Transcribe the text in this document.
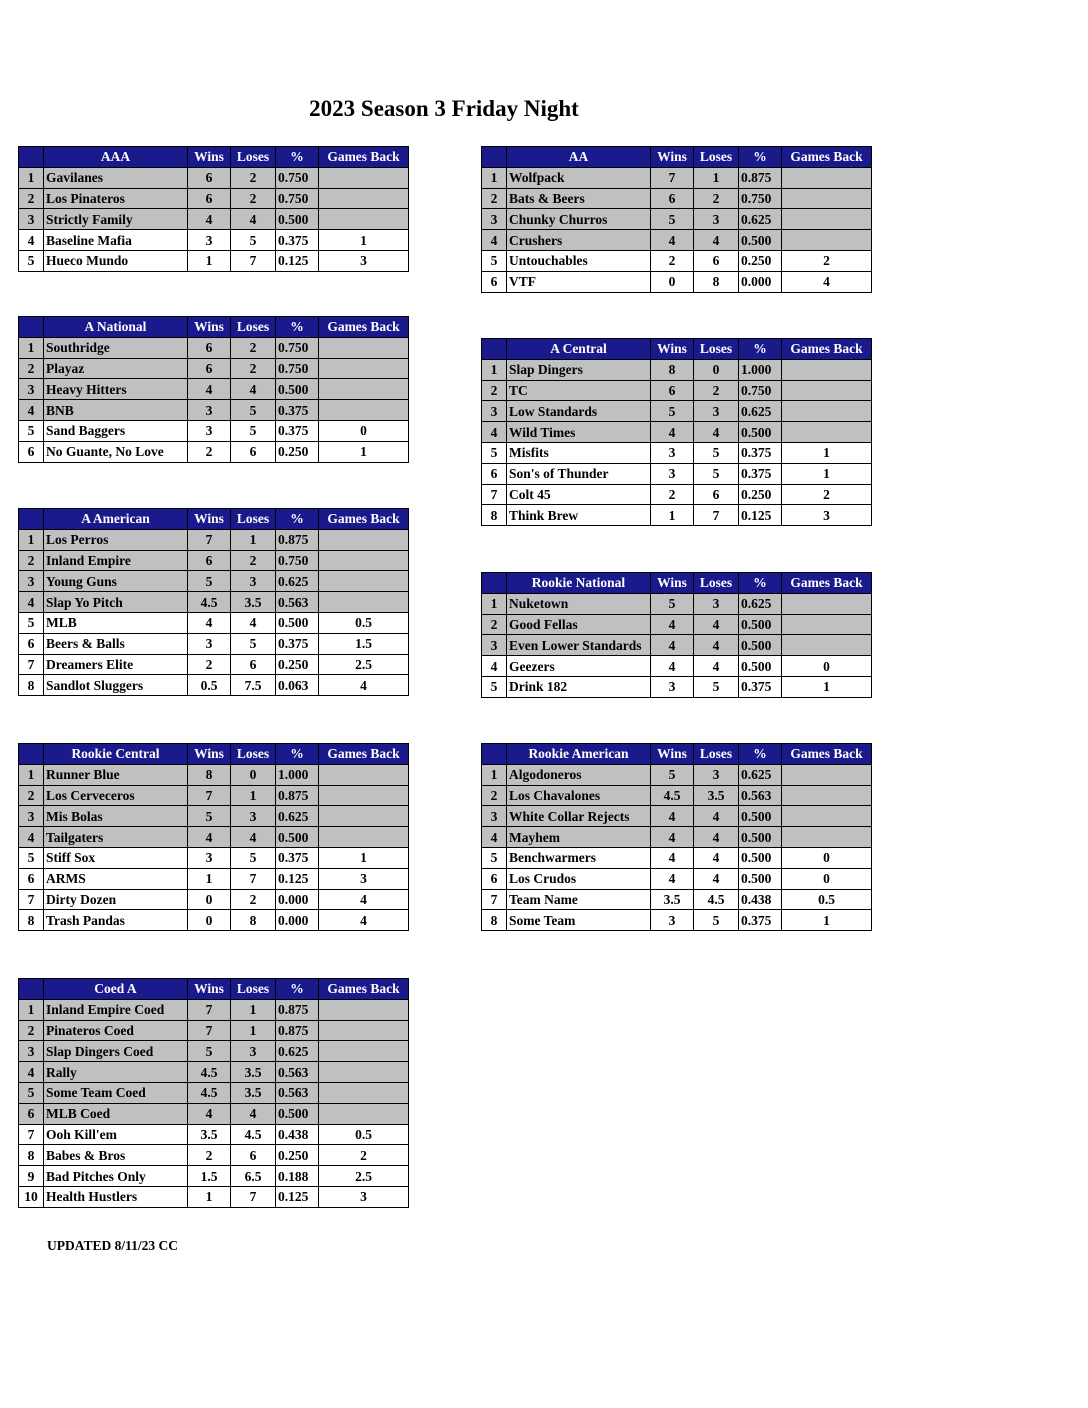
2023 Season 3 Friday Night
	AAA	Wins	Loses	%	Games Back
1	Gavilanes	6	2	0.750	
2	Los Pinateros	6	2	0.750	
3	Strictly Family	4	4	0.500	
4	Baseline Mafia	3	5	0.375	1
5	Hueco Mundo	1	7	0.125	3
	AA	Wins	Loses	%	Games Back
1	Wolfpack	7	1	0.875	
2	Bats & Beers	6	2	0.750	
3	Chunky Churros	5	3	0.625	
4	Crushers	4	4	0.500	
5	Untouchables	2	6	0.250	2
6	VTF	0	8	0.000	4
	A National	Wins	Loses	%	Games Back
1	Southridge	6	2	0.750	
2	Playaz	6	2	0.750	
3	Heavy Hitters	4	4	0.500	
4	BNB	3	5	0.375	
5	Sand Baggers	3	5	0.375	0
6	No Guante, No Love	2	6	0.250	1
	A Central	Wins	Loses	%	Games Back
1	Slap Dingers	8	0	1.000	
2	TC	6	2	0.750	
3	Low Standards	5	3	0.625	
4	Wild Times	4	4	0.500	
5	Misfits	3	5	0.375	1
6	Son's of Thunder	3	5	0.375	1
7	Colt 45	2	6	0.250	2
8	Think Brew	1	7	0.125	3
	A American	Wins	Loses	%	Games Back
1	Los Perros	7	1	0.875	
2	Inland Empire	6	2	0.750	
3	Young Guns	5	3	0.625	
4	Slap Yo Pitch	4.5	3.5	0.563	
5	MLB	4	4	0.500	0.5
6	Beers & Balls	3	5	0.375	1.5
7	Dreamers Elite	2	6	0.250	2.5
8	Sandlot Sluggers	0.5	7.5	0.063	4
	Rookie National	Wins	Loses	%	Games Back
1	Nuketown	5	3	0.625	
2	Good Fellas	4	4	0.500	
3	Even Lower Standards	4	4	0.500	
4	Geezers	4	4	0.500	0
5	Drink 182	3	5	0.375	1
	Rookie Central	Wins	Loses	%	Games Back
1	Runner Blue	8	0	1.000	
2	Los Cerveceros	7	1	0.875	
3	Mis Bolas	5	3	0.625	
4	Tailgaters	4	4	0.500	
5	Stiff Sox	3	5	0.375	1
6	ARMS	1	7	0.125	3
7	Dirty Dozen	0	2	0.000	4
8	Trash Pandas	0	8	0.000	4
	Rookie American	Wins	Loses	%	Games Back
1	Algodoneros	5	3	0.625	
2	Los Chavalones	4.5	3.5	0.563	
3	White Collar Rejects	4	4	0.500	
4	Mayhem	4	4	0.500	
5	Benchwarmers	4	4	0.500	0
6	Los Crudos	4	4	0.500	0
7	Team Name	3.5	4.5	0.438	0.5
8	Some Team	3	5	0.375	1
	Coed A	Wins	Loses	%	Games Back
1	Inland Empire Coed	7	1	0.875	
2	Pinateros Coed	7	1	0.875	
3	Slap Dingers Coed	5	3	0.625	
4	Rally	4.5	3.5	0.563	
5	Some Team Coed	4.5	3.5	0.563	
6	MLB Coed	4	4	0.500	
7	Ooh Kill'em	3.5	4.5	0.438	0.5
8	Babes & Bros	2	6	0.250	2
9	Bad Pitches Only	1.5	6.5	0.188	2.5
10	Health Hustlers	1	7	0.125	3
UPDATED 8/11/23 CC
